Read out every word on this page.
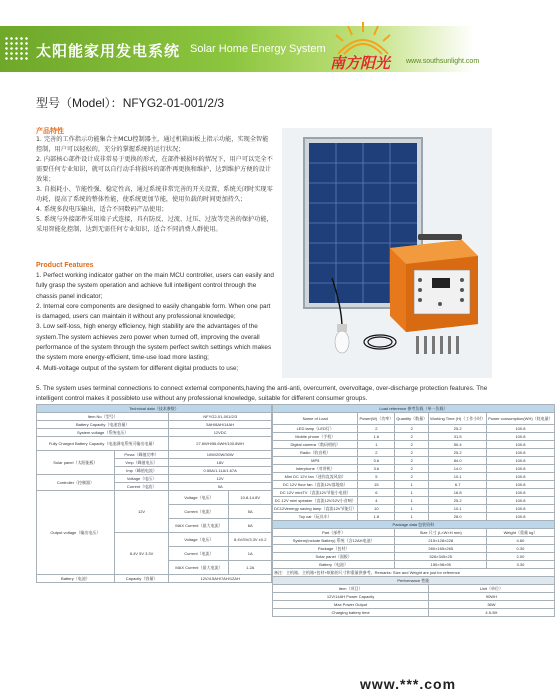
太阳能家用发电系统 Solar Home Energy System
南方阳光 www.southsunlight.com
型号（Model）：NFYG2-01-001/2/3
产品特性
1. 完善的工作指示功能集合主MCU控制器主，通过机箱面板上指示功能，实现全智能控制，用户可以轻松的，充分的掌握系统的运行状况；
2. 内部核心部件设计成非常易于更换的形式，在部件被损坏的情况下，用户可以完全不需要任何专业知识，就可以自行动手将损坏的部件再更换和维护，达到维护方便的设计效果；
3. 自损耗小、节能性强、稳定性高，通过系统非常完善的开关设置，系统关闭时实现零功耗，提高了系统的整体性能，使系统更加节能，使用负载的时间更加持久；
4. 系统多段电压输出，适合不同数码产品使用；
5. 系统与外接部件采用端子式连接，具有防反、过流、过压、过放等完善的保护功能，采用智能化控制，达到无需任何专业知识，适合不同消费人群使用。
Product Features
1. Perfect working indicator gather on the main MCU controller, users can easily and fully grasp the system operation and achieve full intelligent control through the chassis panel indicator;
2. Internal core components are designed to easily changable form. When one part is damaged, users can maintain it without any professional knowledge;
3. Low self-loss, high energy efficiency, high stability are the advantages of the system.The system achieves zero power when turned off, improving the overall performance of the system through the system perfect switch settings which makes the system more energy-efficient, time-use load more lasting;
4. Multi-voltage output of the system for different digital products to use;
5. The system uses terminal connections to connect external components,having the anti-anti, overcurrent, overvoltage, over-discharge protection features. The intelligent control makes it possibleto use without any professional knowledge, suitable for different consumer groups.
Technical data（技术参数）			
Item No（型号）		NFYG2-01-001/2/3	
Battery Capacity（电池容量）		5AH/8AH/14AH	
System voltage（系统电压）		12VDC	
Fully Charged Battery Capacity（电池满电系统可输出电量）		27.6WH/56.6WH/100.8WH	
Solar panel（太阳能板）	Pmax（峰值功率）	10W/20W/30W	
	Vmp（峰值电压）	18V	
	Imp（峰值电流）	0.55A/1.11A/1.67A	
Controller（控制器）	Voltage（电压）	12V	
	Current（电流）	5A	
Output voltage（输出电压）	12V	Voltage（电压）	10.8-14.8V
		Current（电流）	5A
		MAX Current（最大电流）	6A
	8.4V 5V 3.3V	Voltage（电压）	8.4V/5V/3.3V ±0.2
		Current（电流）	1A
		MAX Current（最大电流）	1.2A
Battery（电池）	Capacity（容量）	12V/4.5AH/7AH/12AH	
Load reference 参考负载（单一负载）				
Name of Load	Power(W)（功率）	Quantity（数量）	Working Time (H)（工作小时）	Power consumption(WH)（耗电量）
LED lamp（LED灯）	2	2	25.2	100.8
Mobile phone（手机）	1.6	2	31.5	100.8
Digital camera（数码相机）	1	2	50.4	100.8
Radio（收音机）	2	2	25.2	100.8
MP5	0.6	2	84.0	100.8
Interphone（对讲机）	3.6	2	14.0	100.8
Mini DC 12V fan（迷你直流风扇）	5	2	10.1	100.8
DC 12V floor fan（直流12V落地扇）	15	1	6.7	100.8
DC 12V miniTV（直流12V节能小电视）	6	1	16.8	100.8
DC 12V mini speaker（直流12V/12V小音响）	4	1	25.2	100.8
DC12Venergy saving lamp（直流12V节能灯）	10	1	10.1	100.8
Toy car（玩具车）	1.8	1	28.0	100.8
Package data 包装资料				
Part（部件）		Size 尺寸 (L×W×H mm)		Weight（重量 kg）
System(Include Battery) 系统（含12AH电池）		215×128×228		4.60
Package（包材）		260×165×265		0.30
Solar panel（面板）		526×345×25		2.00
Battery（电池）		150×98×95		3.30
备注：主机箱、主机箱+包材+纸箱的尺寸和重量供参考。Remarks: Size and Weight are just for reference				
Performance 性能				
Item（项目）			Unit（单位）	
12V/14AH Power Capacity			90WH	
Max Power Output			36W	
Charging battery time			4.5-5H	
www.***.com
